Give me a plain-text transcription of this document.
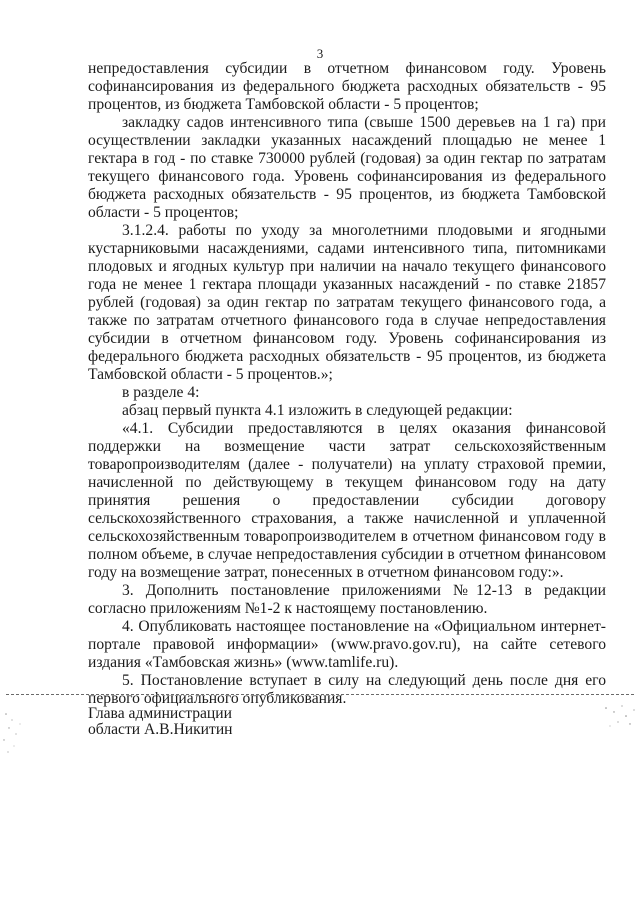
3

непредоставления субсидии в отчетном финансовом году. Уровень софинансирования из федерального бюджета расходных обязательств - 95 процентов, из бюджета Тамбовской области - 5 процентов;

закладку садов интенсивного типа (свыше 1500 деревьев на 1 га) при осуществлении закладки указанных насаждений площадью не менее 1 гектара в год - по ставке 730000 рублей (годовая) за один гектар по затратам текущего финансового года. Уровень софинансирования из федерального бюджета расходных обязательств - 95 процентов, из бюджета Тамбовской области - 5 процентов;

3.1.2.4. работы по уходу за многолетними плодовыми и ягодными кустарниковыми насаждениями, садами интенсивного типа, питомниками плодовых и ягодных культур при наличии на начало текущего финансового года не менее 1 гектара площади указанных насаждений - по ставке 21857 рублей (годовая) за один гектар по затратам текущего финансового года, а также по затратам отчетного финансового года в случае непредоставления субсидии в отчетном финансовом году. Уровень софинансирования из федерального бюджета расходных обязательств - 95 процентов, из бюджета Тамбовской области - 5 процентов.»;

в разделе 4:

абзац первый пункта 4.1 изложить в следующей редакции:

«4.1. Субсидии предоставляются в целях оказания финансовой поддержки на возмещение части затрат сельскохозяйственным товаропроизводителям (далее - получатели) на уплату страховой премии, начисленной по действующему в текущем финансовом году на дату принятия решения о предоставлении субсидии договору сельскохозяйственного страхования, а также начисленной и уплаченной сельскохозяйственным товаропроизводителем в отчетном финансовом году в полном объеме, в случае непредоставления субсидии в отчетном финансовом году на возмещение затрат, понесенных в отчетном финансовом году:».

3. Дополнить постановление приложениями №12-13 в редакции согласно приложениям №1-2 к настоящему постановлению.

4. Опубликовать настоящее постановление на «Официальном интернет-портале правовой информации» (www.pravo.gov.ru), на сайте сетевого издания «Тамбовская жизнь» (www.tamlife.ru).

5. Постановление вступает в силу на следующий день после дня его первого официального опубликования.

Глава администрации
области А.В.Никитин
